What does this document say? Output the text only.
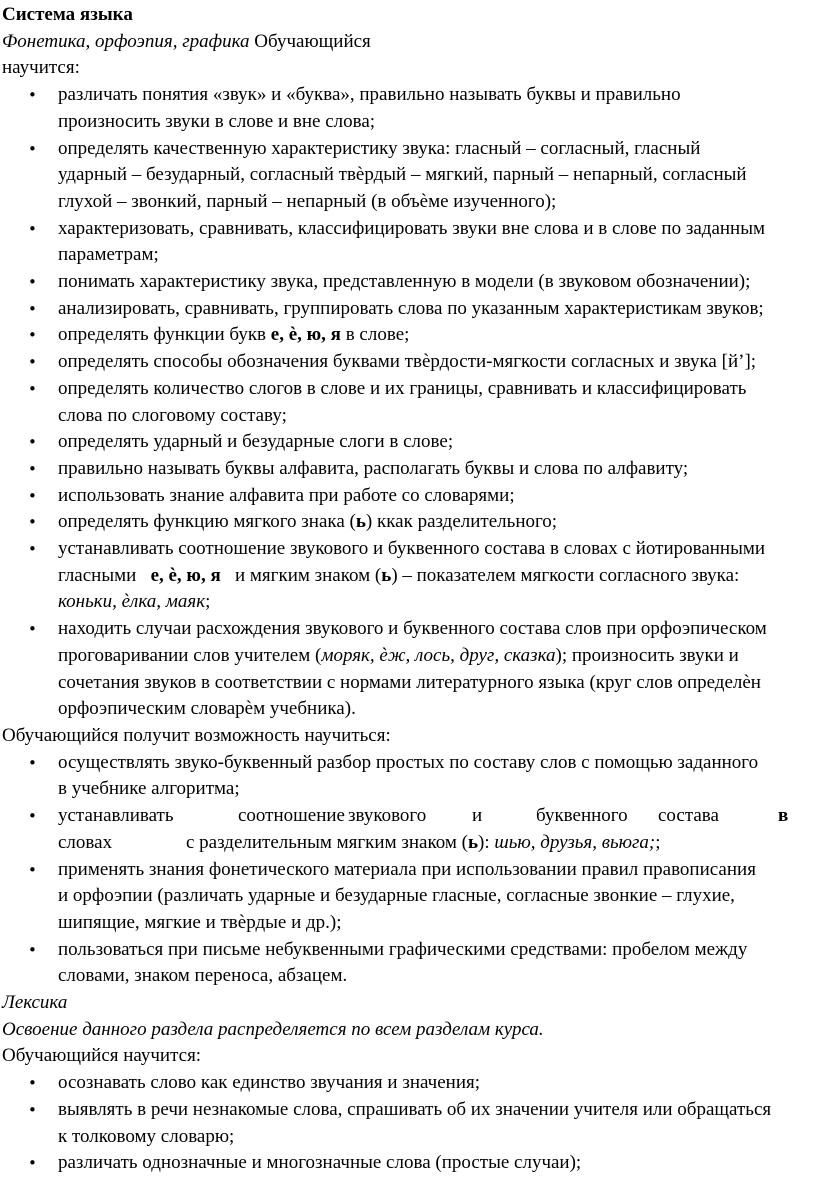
Система языка
Фонетика, орфоэпия, графика Обучающийся
научится:
• различать понятия «звук» и «буква», правильно называть буквы и правильно
произносить звуки в слове и вне слова;
• определять качественную характеристику звука: гласный – согласный, гласный
ударный – безударный, согласный твѐрдый – мягкий, парный – непарный, согласный
глухой – звонкий, парный – непарный (в объѐме изученного);
• характеризовать, сравнивать, классифицировать звуки вне слова и в слове по заданным
параметрам;
• понимать характеристику звука, представленную в модели (в звуковом обозначении);
• анализировать, сравнивать, группировать слова по указанным характеристикам звуков;
• определять функции букв е, ѐ, ю, я в слове;
• определять способы обозначения буквами твѐрдости-мягкости согласных и звука [й’];
• определять количество слогов в слове и их границы, сравнивать и классифицировать
слова по слоговому составу;
• определять ударный и безударные слоги в слове;
• правильно называть буквы алфавита, располагать буквы и слова по алфавиту;
• использовать знание алфавита при работе со словарями;
• определять функцию мягкого знака (ь) ккак разделительного;
• устанавливать соотношение звукового и буквенного состава в словах с йотированными
гласными е, ѐ, ю, я и мягким знаком (ь) – показателем мягкости согласного звука:
коньки, ѐлка, маяк;
• находить случаи расхождения звукового и буквенного состава слов при орфоэпическом
проговаривании слов учителем (моряк, ѐж, лось, друг, сказка); произносить звуки и
сочетания звуков в соответствии с нормами литературного языка (круг слов определѐн
орфоэпическим словарѐм учебника).
Обучающийся получит возможность научиться:
• осуществлять звуко-буквенный разбор простых по составу слов с помощью заданного
в учебнике алгоритма;
• устанавливать	соотношение звукового и	буквенного состава	в
словах	с разделительным мягким знаком (ь): шью, друзья, вьюга;;
• применять знания фонетического материала при использовании правил правописания
и орфоэпии (различать ударные и безударные гласные, согласные звонкие – глухие,
шипящие, мягкие и твѐрдые и др.);
• пользоваться при письме небуквенными графическими средствами: пробелом между
словами, знаком переноса, абзацем.
Лексика
Освоение данного раздела распределяется по всем разделам курса.
Обучающийся научится:
• осознавать слово как единство звучания и значения;
• выявлять в речи незнакомые слова, спрашивать об их значении учителя или обращаться
к толковому словарю;
• различать однозначные и многозначные слова (простые случаи);
